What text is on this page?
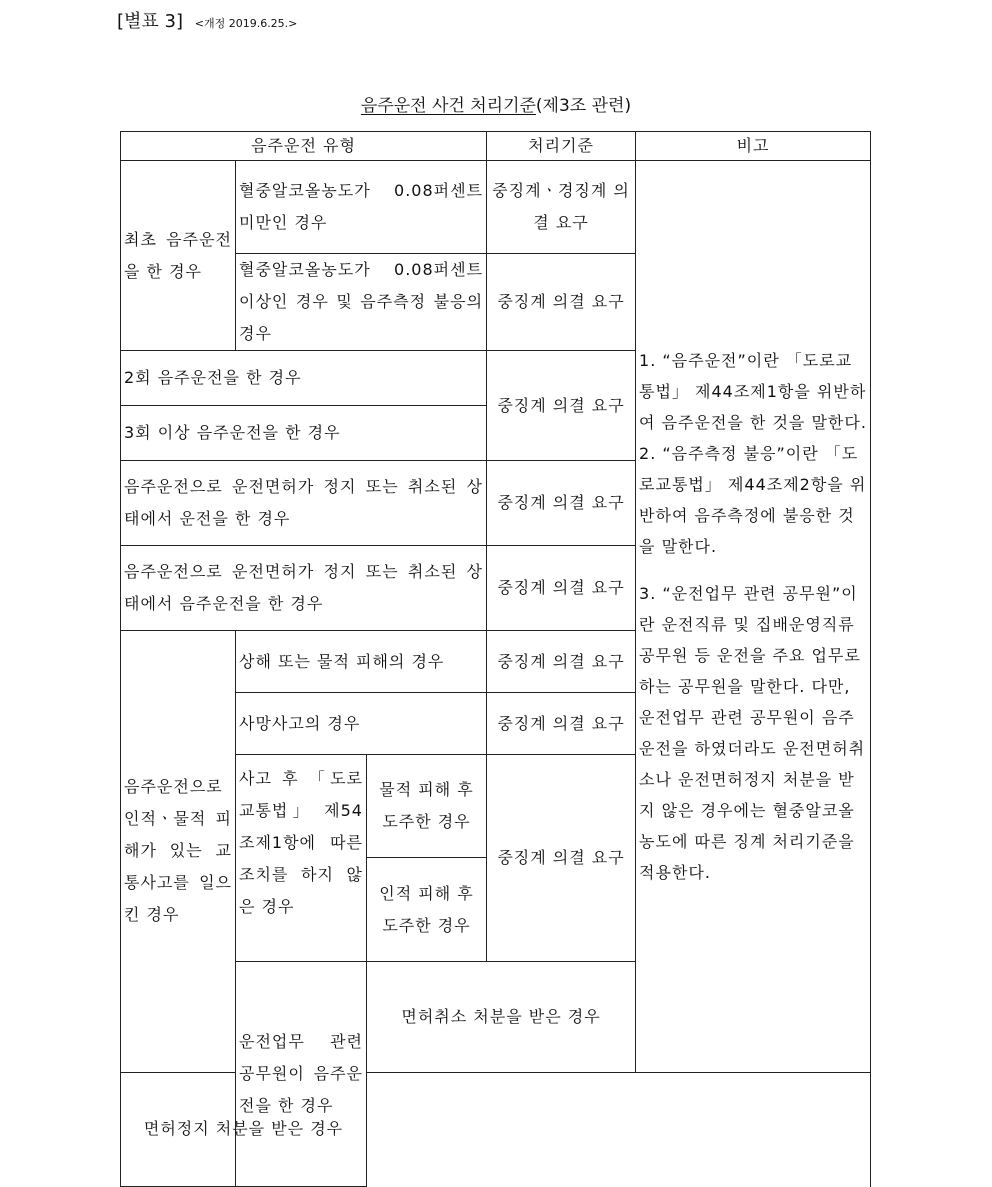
[별표 3] <개정 2019.6.25.>
음주운전 사건 처리기준(제3조 관련)
음주운전 유형			처리기준	비고	
최초 음주운전을 한 경우	혈중알코올농도가 0.08퍼센트 미만인 경우		중징계ㆍ경징계 의결 요구	1. “음주운전”이란 「도로교통법」 제44조제1항을 위반하여 음주운전을 한 것을 말한다.
2. “음주측정 불응”이란 「도로교통법」 제44조제2항을 위반하여 음주측정에 불응한 것을 말한다.
3. “운전업무 관련 공무원”이란 운전직류 및 집배운영직류 공무원 등 운전을 주요 업무로 하는 공무원을 말한다. 다만, 운전업무 관련 공무원이 음주운전을 하였더라도 운전면허취소나 운전면허정지 처분을 받지 않은 경우에는 혈중알코올농도에 따른 징계 처리기준을 적용한다.	

	혈중알코올농도가 0.08퍼센트 이상인 경우 및 음주측정 불응의 경우		중징계 의결 요구		
2회 음주운전을 한 경우			중징계 의결 요구		
3회 이상 음주운전을 한 경우					
음주운전으로 운전면허가 정지 또는 취소된 상태에서 운전을 한 경우			중징계 의결 요구		
음주운전으로 운전면허가 정지 또는 취소된 상태에서 음주운전을 한 경우			중징계 의결 요구		
음주운전으로 인적ㆍ물적 피해가 있는 교통사고를 일으킨 경우	상해 또는 물적 피해의 경우		중징계 의결 요구		
	사망사고의 경우		중징계 의결 요구		
	사고 후 「도로교통법」 제54조제1항에 따른 조치를 하지 않은 경우	물적 피해 후 도주한 경우	중징계 의결 요구		
		인적 피해 후 도주한 경우			
	운전업무 관련 공무원이 음주운전을 한 경우	면허취소 처분을 받은 경우	
면허정지 처분을 받은 경우					
